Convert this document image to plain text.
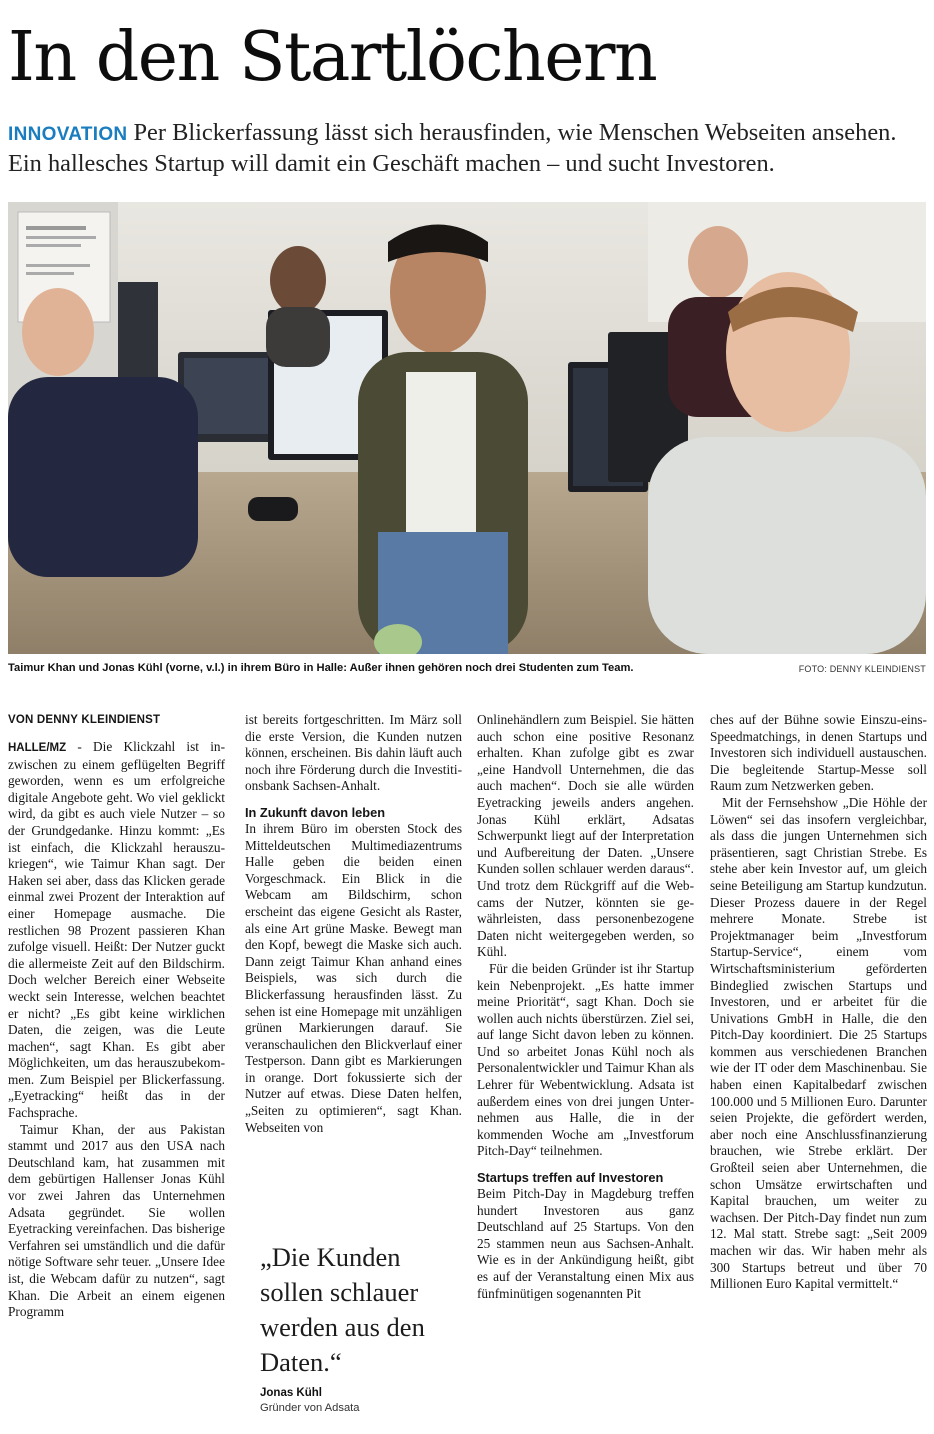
In den Startlöchern

INNOVATION Per Blickerfassung lässt sich herausfinden, wie Menschen Webseiten ansehen. Ein hallesches Startup will damit ein Geschäft machen – und sucht Investoren.

Taimur Khan und Jonas Kühl (vorne, v.l.) in ihrem Büro in Halle: Außer ihnen gehören noch drei Studenten zum Team.	FOTO: DENNY KLEINDIENST
VON DENNY KLEINDIENST

HALLE/MZ - Die Klickzahl ist inzwischen zu einem geflügelten Begriff geworden, wenn es um erfolgreiche digitale Angebote geht. Wo viel geklickt wird, da gibt es auch viele Nutzer – so der Grundgedanke. Hinzu kommt: „Es ist einfach, die Klickzahl herauszukriegen“, wie Taimur Khan sagt. Der Haken sei aber, dass das Klicken gerade einmal zwei Prozent der Interaktion auf einer Homepage ausmache. Die restlichen 98 Prozent passieren Khan zufolge visuell. Heißt: Der Nutzer guckt die allermeiste Zeit auf den Bildschirm. Doch welcher Bereich einer Webseite weckt sein Interesse, welchen beachtet er nicht? „Es gibt keine wirklichen Daten, die zeigen, was die Leute machen“, sagt Khan. Es gibt aber Möglichkeiten, um das herauszubekommen. Zum Beispiel per Blickerfassung. „Eyetracking“ heißt das in der Fachsprache.

Taimur Khan, der aus Pakistan stammt und 2017 aus den USA nach Deutschland kam, hat zusammen mit dem gebürtigen Hallenser Jonas Kühl vor zwei Jahren das Unternehmen Adsata gegründet. Sie wollen Eyetracking vereinfachen. Das bisherige Verfahren sei umständlich und die dafür nötige Software sehr teuer. „Unsere Idee ist, die Webcam dafür zu nutzen“, sagt Khan. Die Arbeit an einem eigenen Programm

ist bereits fortgeschritten. Im März soll die erste Version, die Kunden nutzen können, erscheinen. Bis dahin läuft auch noch ihre Förderung durch die Investitionsbank Sachsen-Anhalt.

In Zukunft davon leben

In ihrem Büro im obersten Stock des Mitteldeutschen Multimediazentrums Halle geben die beiden einen Vorgeschmack. Ein Blick in die Webcam am Bildschirm, schon erscheint das eigene Gesicht als Raster, als eine Art grüne Maske. Bewegt man den Kopf, bewegt die Maske sich auch. Dann zeigt Taimur Khan anhand eines Beispiels, was sich durch die Blickerfassung herausfinden lässt. Zu sehen ist eine Homepage mit unzähligen grünen Markierungen darauf. Sie veranschaulichen den Blickverlauf einer Testperson. Dann gibt es Markierungen in orange. Dort fokussierte sich der Nutzer auf etwas. Diese Daten helfen, „Seiten zu optimieren“, sagt Khan. Webseiten von

„Die Kunden sollen schlauer werden aus den Daten.“

Jonas Kühl
Gründer von Adsata

Onlinehändlern zum Beispiel. Sie hätten auch schon eine positive Resonanz erhalten. Khan zufolge gibt es zwar „eine Handvoll Unternehmen, die das auch machen“. Doch sie alle würden Eyetracking jeweils anders angehen. Jonas Kühl erklärt, Adsatas Schwerpunkt liegt auf der Interpretation und Aufbereitung der Daten. „Unsere Kunden sollen schlauer werden daraus“. Und trotz dem Rückgriff auf die Webcams der Nutzer, könnten sie gewährleisten, dass personenbezogene Daten nicht weitergegeben werden, so Kühl.

Für die beiden Gründer ist ihr Startup kein Nebenprojekt. „Es hatte immer meine Priorität“, sagt Khan. Doch sie wollen auch nichts überstürzen. Ziel sei, auf lange Sicht davon leben zu können. Und so arbeitet Jonas Kühl noch als Personalentwickler und Taimur Khan als Lehrer für Webentwicklung. Adsata ist außerdem eines von drei jungen Unternehmen aus Halle, die in der kommenden Woche am „Investforum Pitch-Day“ teilnehmen.

Startups treffen auf Investoren

Beim Pitch-Day in Magdeburg treffen hundert Investoren aus ganz Deutschland auf 25 Startups. Von den 25 stammen neun aus Sachsen-Anhalt. Wie es in der Ankündigung heißt, gibt es auf der Veranstaltung einen Mix aus fünfminütigen sogenannten Pit

ches auf der Bühne sowie Einszu-eins-Speedmatchings, in denen Startups und Investoren sich individuell austauschen. Die begleitende Startup-Messe soll Raum zum Netzwerken geben.

Mit der Fernsehshow „Die Höhle der Löwen“ sei das insofern vergleichbar, als dass die jungen Unternehmen sich präsentieren, sagt Christian Strebe. Es stehe aber kein Investor auf, um gleich seine Beteiligung am Startup kundzutun. Dieser Prozess dauere in der Regel mehrere Monate. Strebe ist Projektmanager beim „Investforum Startup-Service“, einem vom Wirtschaftsministerium geförderten Bindeglied zwischen Startups und Investoren, und er arbeitet für die Univations GmbH in Halle, die den Pitch-Day koordiniert. Die 25 Startups kommen aus verschiedenen Branchen wie der IT oder dem Maschinenbau. Sie haben einen Kapitalbedarf zwischen 100.000 und 5 Millionen Euro. Darunter seien Projekte, die gefördert werden, aber noch eine Anschlussfinanzierung brauchen, wie Strebe erklärt. Der Großteil seien aber Unternehmen, die schon Umsätze erwirtschaften und Kapital brauchen, um weiter zu wachsen. Der Pitch-Day findet nun zum 12. Mal statt. Strebe sagt: „Seit 2009 machen wir das. Wir haben mehr als 300 Startups betreut und über 70 Millionen Euro Kapital vermittelt.“
